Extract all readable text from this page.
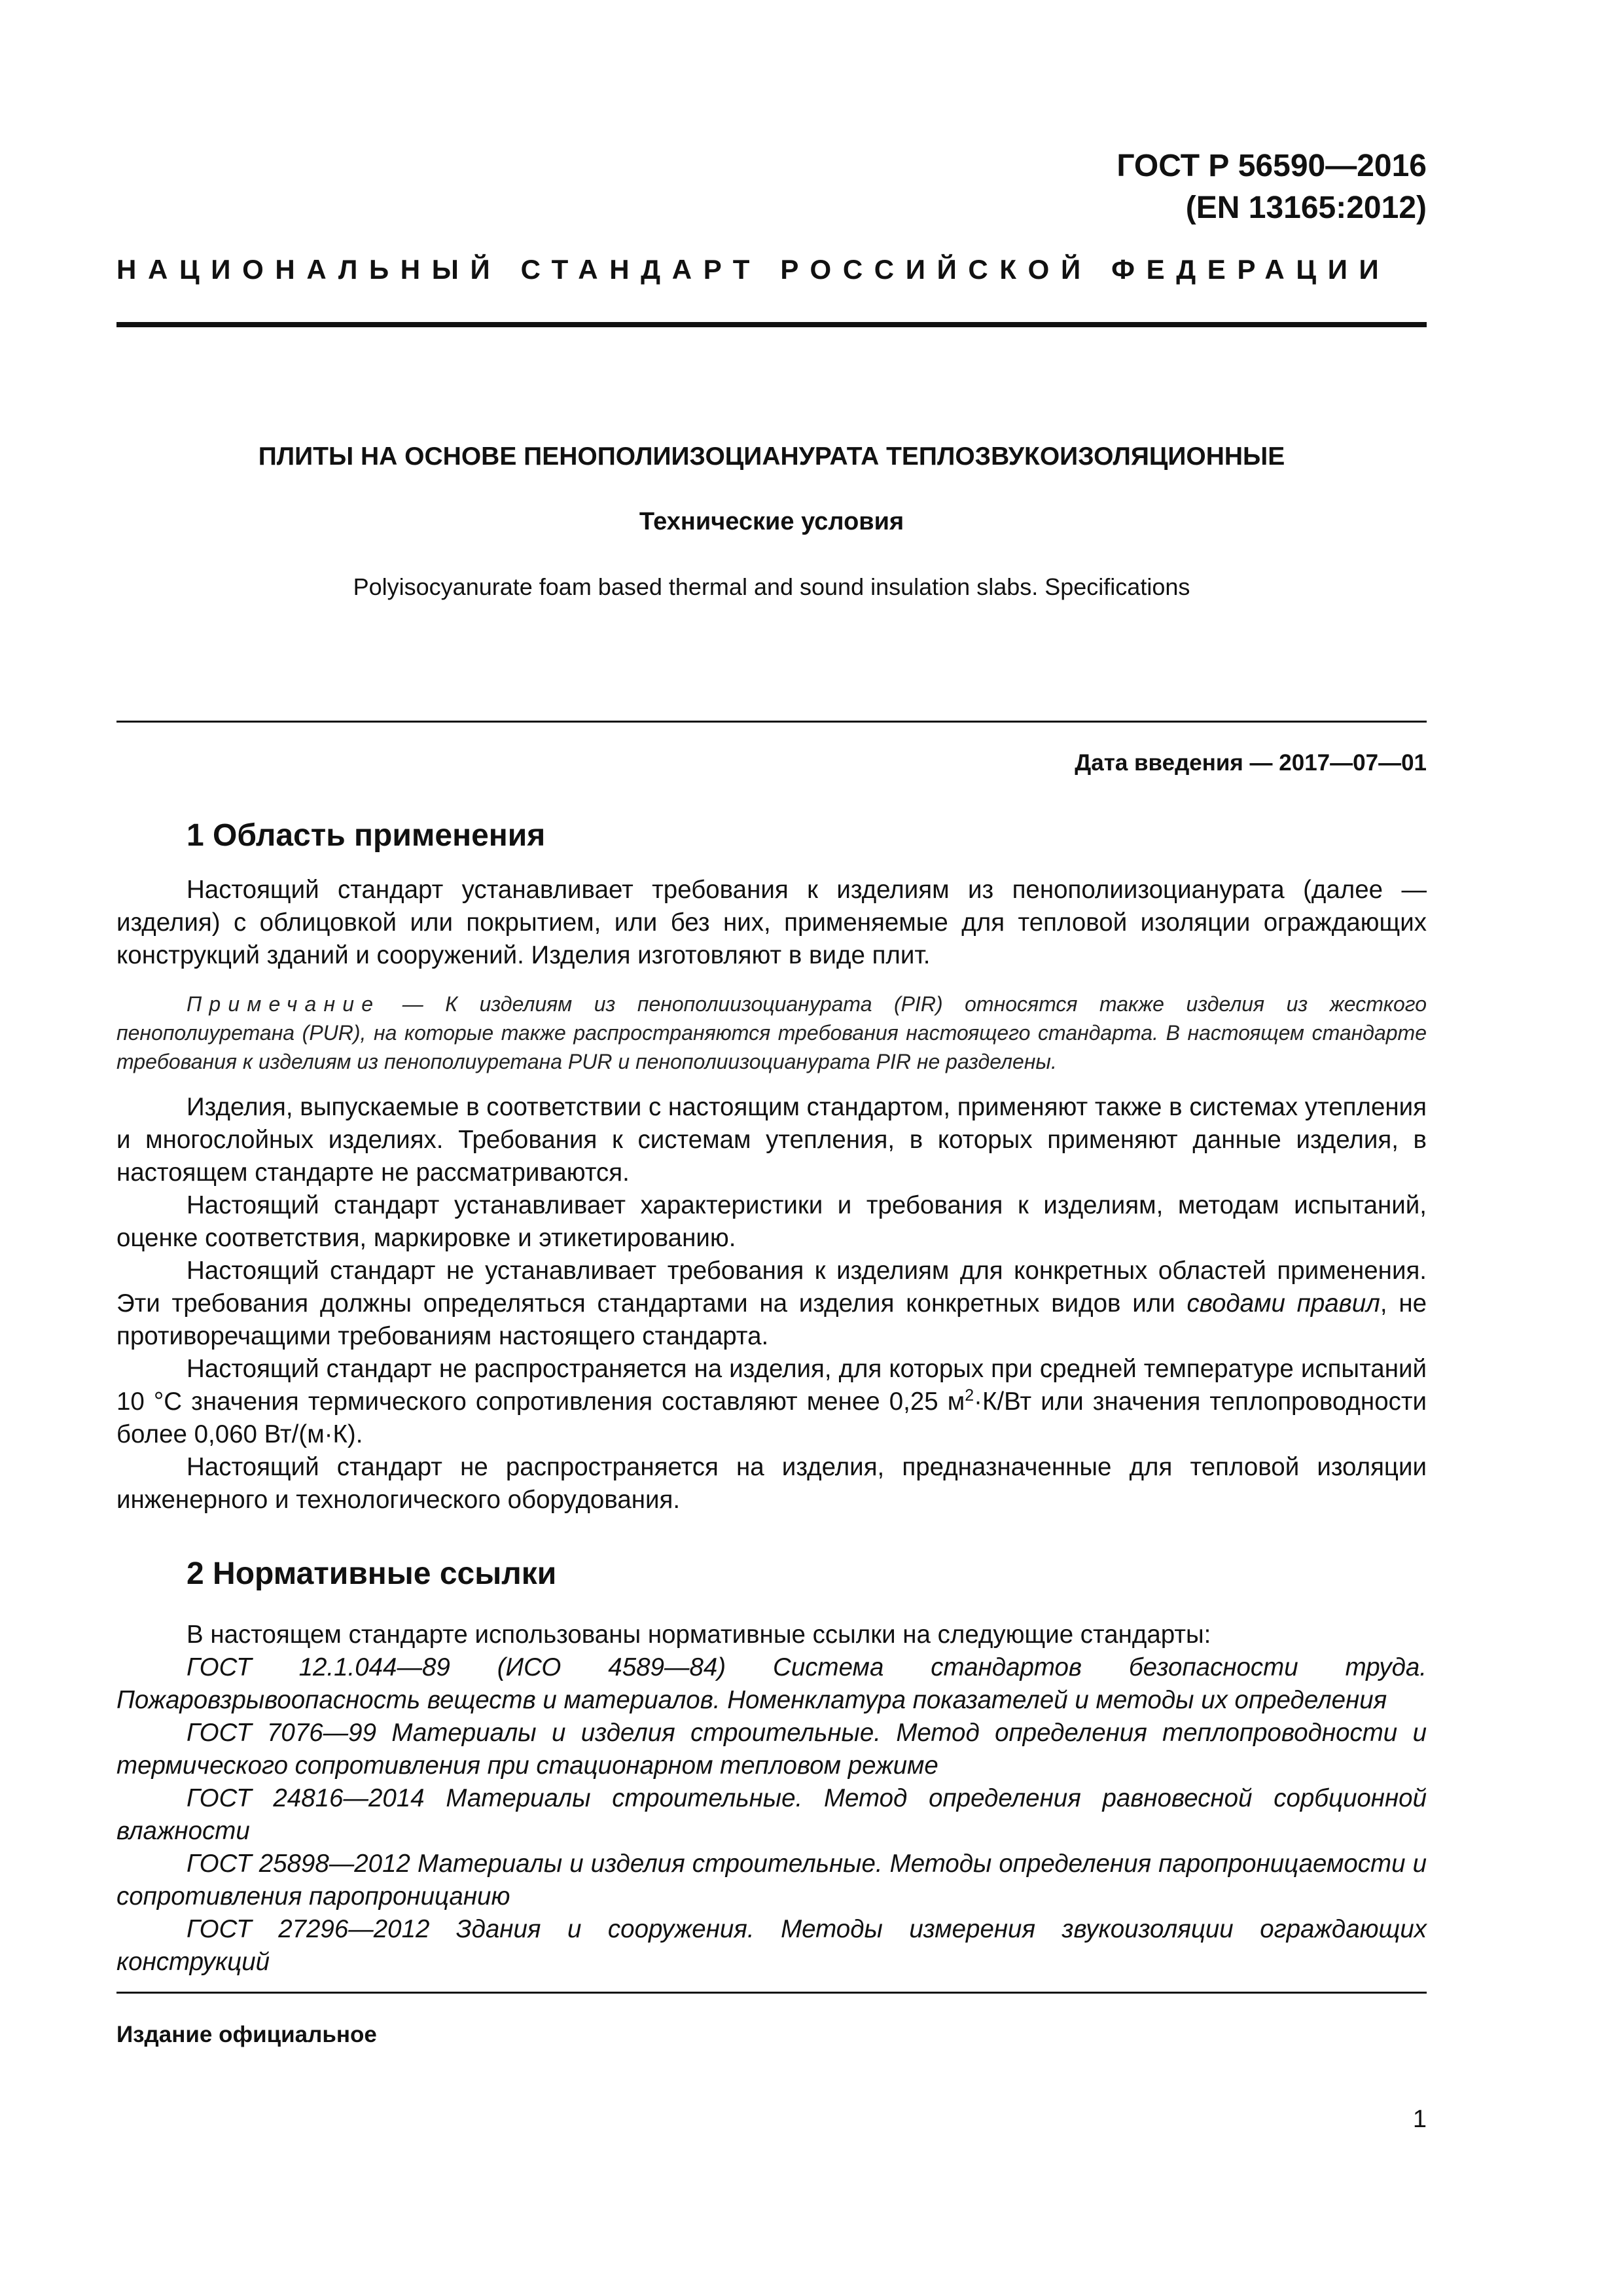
ГОСТ Р 56590—2016
(EN 13165:2012)
НАЦИОНАЛЬНЫЙ СТАНДАРТ РОССИЙСКОЙ ФЕДЕРАЦИИ
ПЛИТЫ НА ОСНОВЕ ПЕНОПОЛИИЗОЦИАНУРАТА ТЕПЛОЗВУКОИЗОЛЯЦИОННЫЕ
Технические условия
Polyisocyanurate foam based thermal and sound insulation slabs. Specifications
Дата введения — 2017—07—01
1 Область применения

Настоящий стандарт устанавливает требования к изделиям из пенополиизоцианурата (далее — изделия) с облицовкой или покрытием, или без них, применяемые для тепловой изоляции ограждающих конструкций зданий и сооружений. Изделия изготовляют в виде плит.

Примечание — К изделиям из пенополиизоцианурата (PIR) относятся также изделия из жесткого пенополиуретана (PUR), на которые также распространяются требования настоящего стандарта. В настоящем стандарте требования к изделиям из пенополиуретана PUR и пенополиизоцианурата PIR не разделены.

Изделия, выпускаемые в соответствии с настоящим стандартом, применяют также в системах утепления и многослойных изделиях. Требования к системам утепления, в которых применяют данные изделия, в настоящем стандарте не рассматриваются.

Настоящий стандарт устанавливает характеристики и требования к изделиям, методам испытаний, оценке соответствия, маркировке и этикетированию.

Настоящий стандарт не устанавливает требования к изделиям для конкретных областей применения. Эти требования должны определяться стандартами на изделия конкретных видов или сводами правил, не противоречащими требованиям настоящего стандарта.

Настоящий стандарт не распространяется на изделия, для которых при средней температуре испытаний 10 °С значения термического сопротивления составляют менее 0,25 $м^2\cdot К/Вт$ или значения теплопроводности более 0,060 Вт/(м·К).

Настоящий стандарт не распространяется на изделия, предназначенные для тепловой изоляции инженерного и технологического оборудования.

2 Нормативные ссылки

В настоящем стандарте использованы нормативные ссылки на следующие стандарты:

ГОСТ 12.1.044—89 (ИСО 4589—84) Система стандартов безопасности труда. Пожаровзрывоопасность веществ и материалов. Номенклатура показателей и методы их определения

ГОСТ 7076—99 Материалы и изделия строительные. Метод определения теплопроводности и термического сопротивления при стационарном тепловом режиме

ГОСТ 24816—2014 Материалы строительные. Метод определения равновесной сорбционной влажности

ГОСТ 25898—2012 Материалы и изделия строительные. Методы определения паропроницаемости и сопротивления паропроницанию

ГОСТ 27296—2012 Здания и сооружения. Методы измерения звукоизоляции ограждающих конструкций

Издание официальное
1
